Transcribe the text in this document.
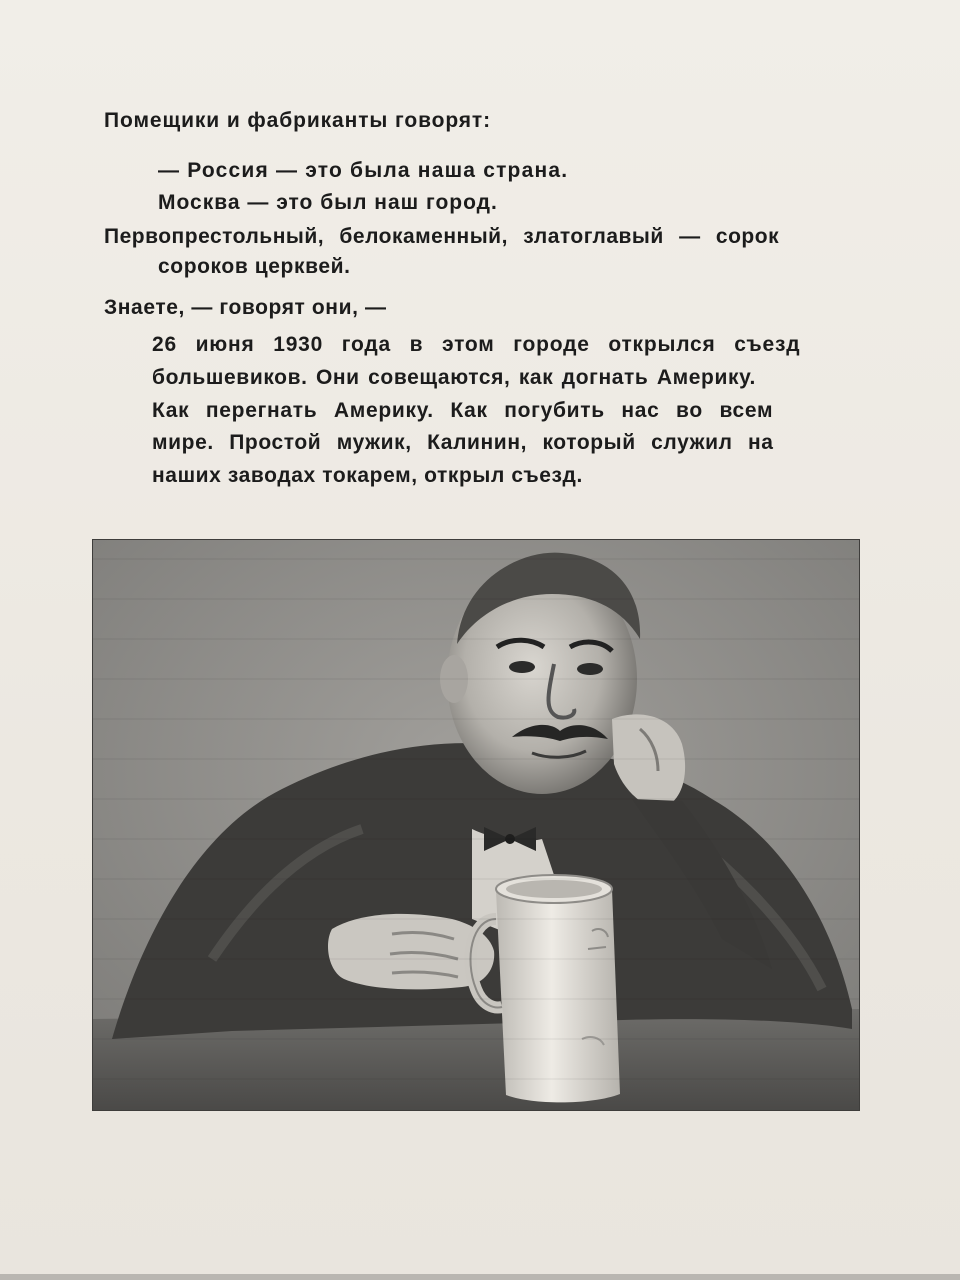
Помещики и фабриканты говорят:
— Россия — это была наша страна.
Москва — это был наш город.
Первопрестольный, белокаменный, златоглавый — сорок
сороков церквей.
Знаете, — говорят они, —
26 июня 1930 года в этом городе открылся съезд
большевиков. Они совещаются, как догнать Америку.
Как перегнать Америку. Как погубить нас во всем
мире. Простой мужик, Калинин, который служил на
наших заводах токарем, открыл съезд.
